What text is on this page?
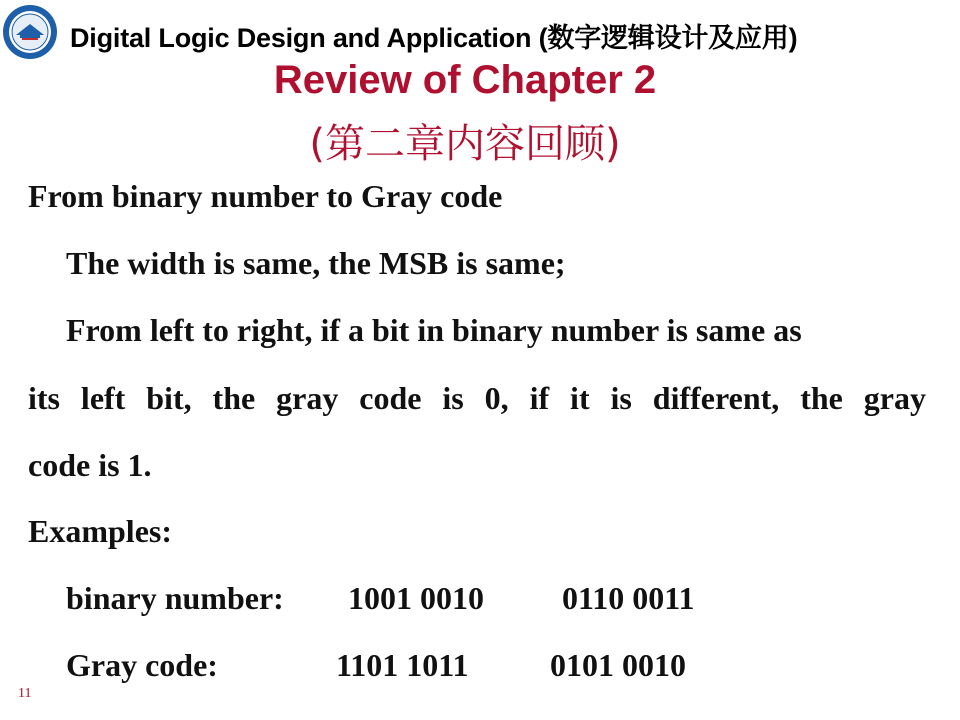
Digital Logic Design and Application (数字逻辑设计及应用)
Review of Chapter 2
(第二章内容回顾)
From binary number to Gray code
The width is same, the MSB is same;
From left to right, if a bit in binary number is same as
its left bit, the gray code is 0, if it is different, the gray
code is 1.
Examples:
binary number: 1001 0010 0110 0011
Gray code:	1101 1011	0101 0010
11
